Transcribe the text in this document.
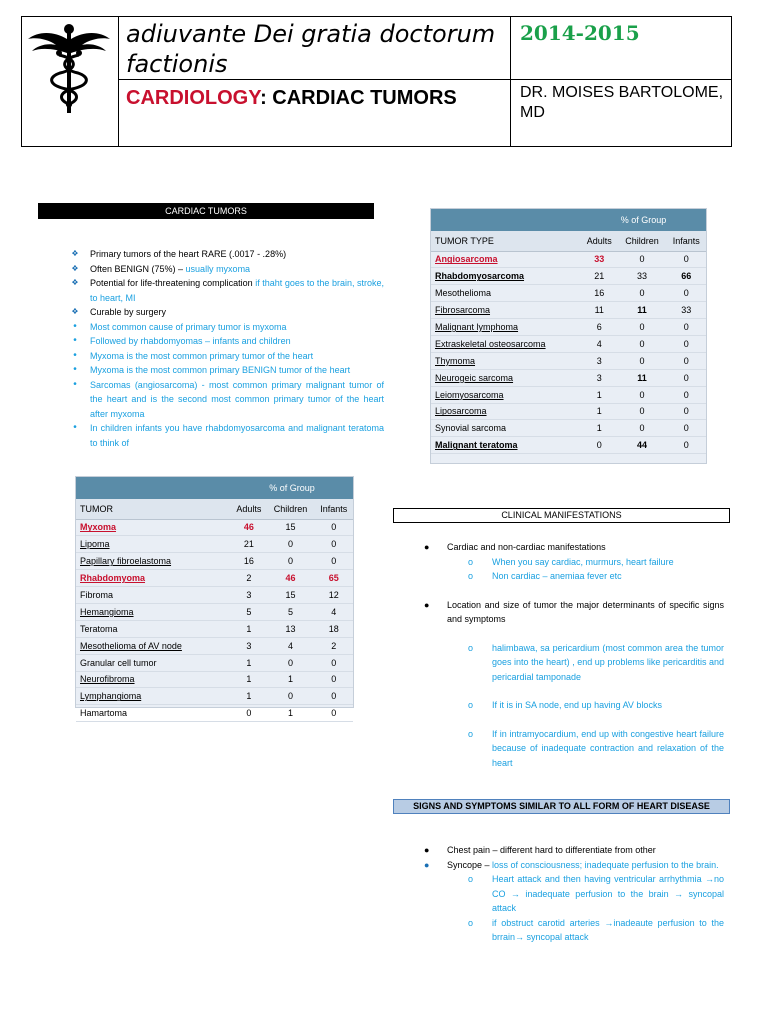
adiuvante Dei gratia doctorum factionis
2014-2015
CARDIOLOGY: CARDIAC TUMORS	DR. MOISES BARTOLOME, MD
CARDIAC TUMORS
❖	Primary tumors of the heart RARE (.0017 - .28%)
❖	Often BENIGN (75%) – usually myxoma
❖	Potential for life-threatening complication if thaht goes to the brain, stroke, to heart, MI
❖	Curable by surgery
•	Most common cause of primary tumor is myxoma
•	Followed by rhabdomyomas – infants and children
•	Myxoma is the most common primary tumor of the heart
•	Myxoma is the most common primary BENIGN tumor of the heart
•	Sarcomas (angiosarcoma) - most common primary malignant tumor of the heart and is the second most common primary tumor of the heart after myxoma
•	In children infants you have rhabdomyosarcoma and malignant teratoma to think of
	% of Group		
TUMOR TYPE	Adults	Children	Infants
Angiosarcoma	33	0	0
Rhabdomyosarcoma	21	33	66
Mesothelioma	16	0	0
Fibrosarcoma	11	11	33
Malignant lymphoma	6	0	0
Extraskeletal osteosarcoma	4	0	0
Thymoma	3	0	0
Neurogeic sarcoma	3	11	0
Leiomyosarcoma	1	0	0
Liposarcoma	1	0	0
Synovial sarcoma	1	0	0
Malignant teratoma	0	44	0
	% of Group		
TUMOR	Adults	Children	Infants
Myxoma	46	15	0
Lipoma	21	0	0
Papillary fibroelastoma	16	0	0
Rhabdomyoma	2	46	65
Fibroma	3	15	12
Hemangioma	5	5	4
Teratoma	1	13	18
Mesothelioma of AV node	3	4	2
Granular cell tumor	1	0	0
Neurofibroma	1	1	0
Lymphangioma	1	0	0
Hamartoma	0	1	0
CLINICAL MANIFESTATIONS
● Cardiac and non-cardiac manifestations
o When you say cardiac, murmurs, heart failure
o Non cardiac – anemiaa fever etc
● Location and size of tumor the major determinants of specific signs and symptoms
o halimbawa, sa pericardium (most common area the tumor goes into the heart) , end up problems like pericarditis and pericardial tamponade
o If it is in SA node, end up having AV blocks
o If in intramyocardium, end up with congestive heart failure because of inadequate contraction and relaxation of the heart
SIGNS AND SYMPTOMS SIMILAR TO ALL FORM OF HEART DISEASE
● Chest pain – different hard to differentiate from other
● Syncope – loss of consciousness; inadequate perfusion to the brain.
o Heart attack and then having ventricular arrhythmia →no CO → inadequate perfusion to the brain → syncopal attack
o if obstruct carotid arteries →inadeaute perfusion to the brrain→ syncopal attack
